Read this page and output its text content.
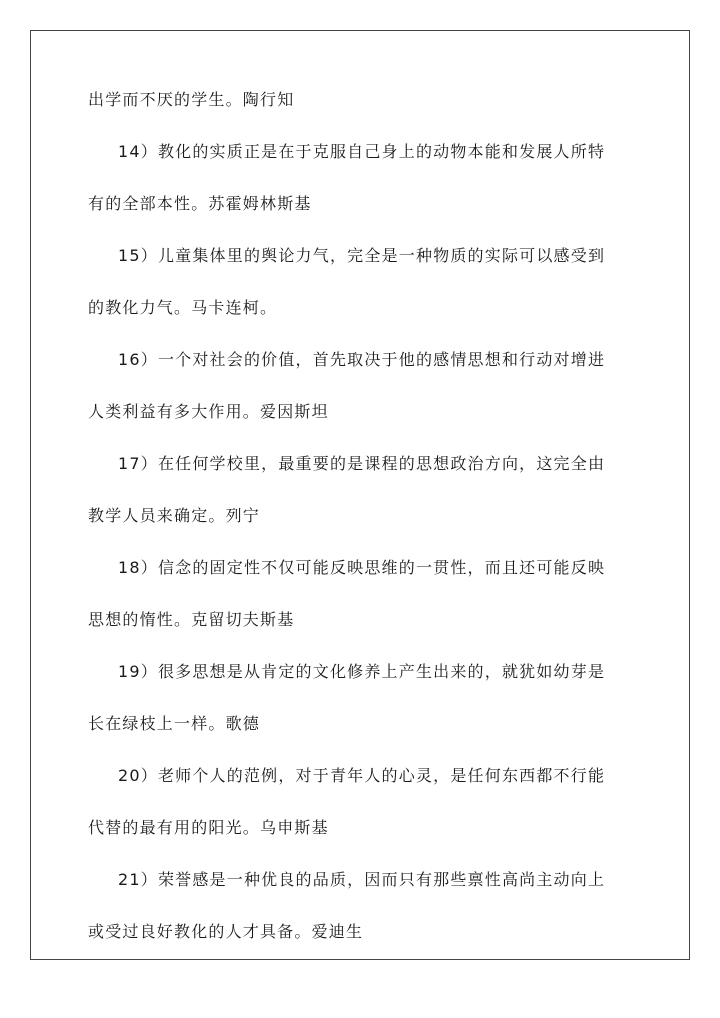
出学而不厌的学生。陶行知
14）教化的实质正是在于克服自己身上的动物本能和发展人所特
有的全部本性。苏霍姆林斯基
15）儿童集体里的舆论力气，完全是一种物质的实际可以感受到
的教化力气。马卡连柯。
16）一个对社会的价值，首先取决于他的感情思想和行动对增进
人类利益有多大作用。爱因斯坦
17）在任何学校里，最重要的是课程的思想政治方向，这完全由
教学人员来确定。列宁
18）信念的固定性不仅可能反映思维的一贯性，而且还可能反映
思想的惰性。克留切夫斯基
19）很多思想是从肯定的文化修养上产生出来的，就犹如幼芽是
长在绿枝上一样。歌德
20）老师个人的范例，对于青年人的心灵，是任何东西都不行能
代替的最有用的阳光。乌申斯基
21）荣誉感是一种优良的品质，因而只有那些禀性高尚主动向上
或受过良好教化的人才具备。爱迪生
